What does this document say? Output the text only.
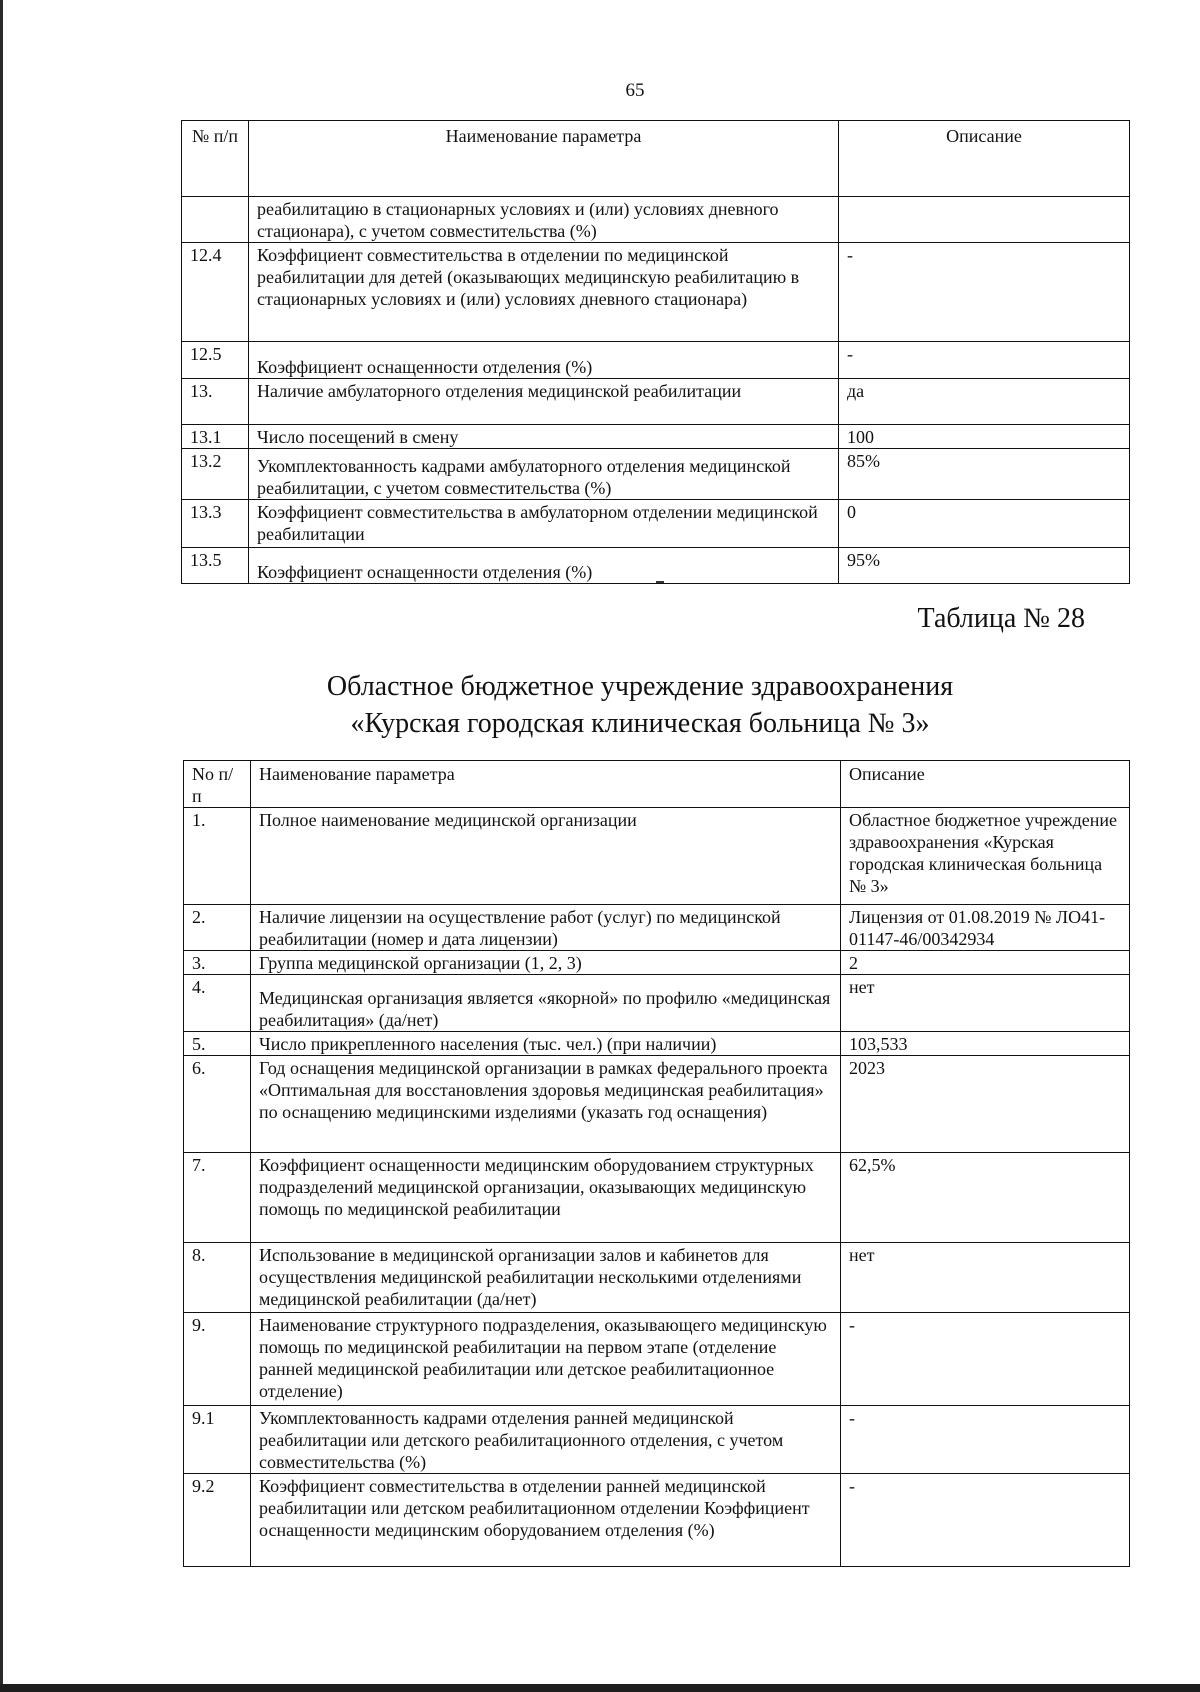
65
№ п/п	Наименование параметра	Описание
	реабилитацию в стационарных условиях и (или) условиях дневного стационара), с учетом совместительства (%)	
12.4	Коэффициент совместительства в отделении по медицинской реабилитации для детей (оказывающих медицинскую реабилитацию в стационарных условиях и (или) условиях дневного стационара)	-
12.5	Коэффициент оснащенности отделения (%)	-
13.	Наличие амбулаторного отделения медицинской реабилитации	да
13.1	Число посещений в смену	100
13.2	Укомплектованность кадрами амбулаторного отделения медицинской реабилитации, с учетом совместительства (%)	85%
13.3	Коэффициент совместительства в амбулаторном отделении медицинской реабилитации	0
13.5	Коэффициент оснащенности отделения (%)	95%
Таблица № 28
Областное бюджетное учреждение здравоохранения
«Курская городская клиническая больница № 3»
No п/п	Наименование параметра	Описание
1.	Полное наименование медицинской организации	Областное бюджетное учреждение здравоохранения «Курская городская клиническая больница № 3»
2.	Наличие лицензии на осуществление работ (услуг) по медицинской реабилитации (номер и дата лицензии)	Лицензия от 01.08.2019 № ЛО41-01147-46/00342934
3.	Группа медицинской организации (1, 2, 3)	2
4.	Медицинская организация является «якорной» по профилю «медицинская реабилитация» (да/нет)	нет
5.	Число прикрепленного населения (тыс. чел.) (при наличии)	103,533
6.	Год оснащения медицинской организации в рамках федерального проекта «Оптимальная для восстановления здоровья медицинская реабилитация» по оснащению медицинскими изделиями (указать год оснащения)	2023
7.	Коэффициент оснащенности медицинским оборудованием структурных подразделений медицинской организации, оказывающих медицинскую помощь по медицинской реабилитации	62,5%
8.	Использование в медицинской организации залов и кабинетов для осуществления медицинской реабилитации несколькими отделениями медицинской реабилитации (да/нет)	нет
9.	Наименование структурного подразделения, оказывающего медицинскую помощь по медицинской реабилитации на первом этапе (отделение ранней медицинской реабилитации или детское реабилитационное отделение)	-
9.1	Укомплектованность кадрами отделения ранней медицинской реабилитации или детского реабилитационного отделения, с учетом совместительства (%)	-
9.2	Коэффициент совместительства в отделении ранней медицинской реабилитации или детском реабилитационном отделении Коэффициент оснащенности медицинским оборудованием отделения (%)	-
